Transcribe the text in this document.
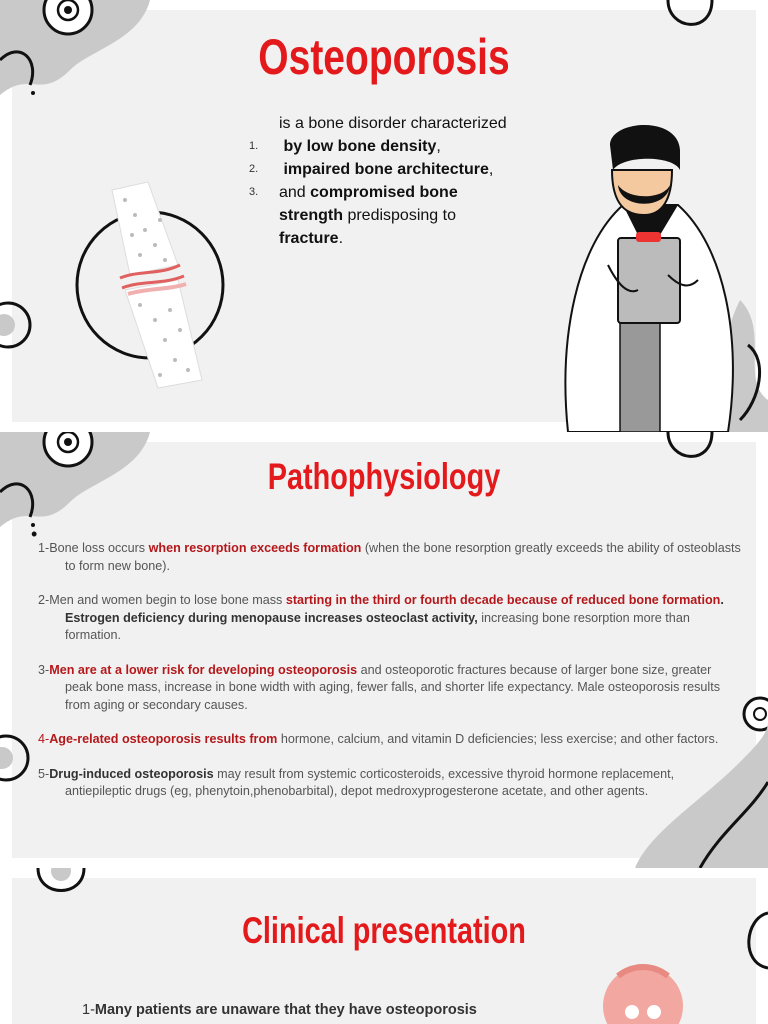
Osteoporosis
is a bone disorder characterized
1. by low bone density,
2. impaired bone architecture,
3. and compromised bone strength predisposing to fracture.
Pathophysiology
•

1-Bone loss occurs when resorption exceeds formation (when the bone resorption greatly exceeds the ability of osteoblasts to form new bone).

2-Men and women begin to lose bone mass starting in the third or fourth decade because of reduced bone formation. Estrogen deficiency during menopause increases osteoclast activity, increasing bone resorption more than formation.

3-Men are at a lower risk for developing osteoporosis and osteoporotic fractures because of larger bone size, greater peak bone mass, increase in bone width with aging, fewer falls, and shorter life expectancy. Male osteoporosis results from aging or secondary causes.

4-Age-related osteoporosis results from hormone, calcium, and vitamin D deficiencies; less exercise; and other factors.

5-Drug-induced osteoporosis may result from systemic corticosteroids, excessive thyroid hormone replacement, antiepileptic drugs (eg, phenytoin,phenobarbital), depot medroxyprogesterone acetate, and other agents.

Clinical presentation
1-Many patients are unaware that they have osteoporosis
